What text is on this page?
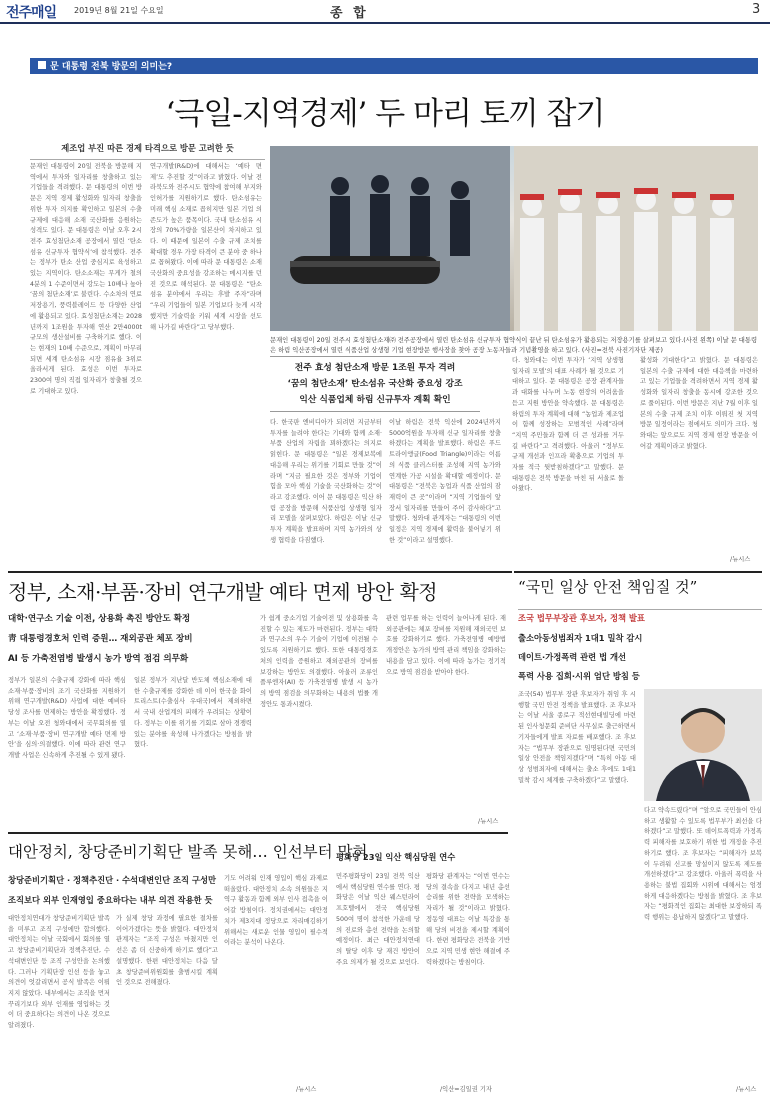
전주매일 2019년 8월 21일 수요일	종 합	3
문 대통령 전북 방문의 의미는?
‘극일-지역경제’ 두 마리 토끼 잡기
제조업 부진 따른 경제 타격으로 방문 고려한 듯
문재인 대통령이 20일 전북을 방문해 지역에서 투자와 일자리를 창출하고 있는 기업들을 격려했다. 문 대통령의 이번 방문은 지역 경제 활성화와 일자리 창출을 위한 투자 의지를 확인하고 일본의 수출 규제에 대응해 소재 국산화를 응원하는 성격도 있다. 문 대통령은 이날 오후 2시 전주 효성첨단소재 공장에서 열린 ‘탄소섬유 신규투자 협약식’에 참석했다. 전주는 정부가 탄소 산업 중심지로 육성하고 있는 지역이다. 탄소소재는 무게가 철의 4분의 1 수준이면서 강도는 10배나 높아 ‘꿈의 첨단소재’로 불린다. 수소차의 연료 저장용기, 풍력블레이드 등 다양한 산업에 활용되고 있다. 효성첨단소재는 2028년까지 1조원을 투자해 연산 2만4000t 규모의 생산설비를 구축하기로 했다. 이는 현재의 10배 수준으로, 계획이 마무리되면 세계 탄소섬유 시장 점유율 3위로 올라서게 된다. 효성은 이번 투자로 2300여 명의 직접 일자리가 창출될 것으로 기대하고 있다.
연구개발(R&D)에 대해서는 ‘예타 면제’도 추진할 것”이라고 밝혔다. 이날 전라북도와 전주시도 협약에 참여해 부지와 인허가를 지원하기로 했다. 탄소섬유는 미래 핵심 소재로 꼽히지만 일본 기업 의존도가 높은 품목이다. 국내 탄소섬유 시장의 70%가량을 일본산이 차지하고 있다. 이 때문에 일본이 수출 규제 조치를 확대할 경우 가장 타격이 큰 분야 중 하나로 꼽혀왔다. 이에 따라 문 대통령은 소재 국산화의 중요성을 강조하는 메시지를 던진 것으로 해석된다. 문 대통령은 “탄소섬유 분야에서 우리는 후발 주자”라며 “우리 기업들이 일본 기업보다 늦게 시작했지만 기술력을 키워 세계 시장을 선도해 나가길 바란다”고 당부했다.
문재인 대통령이 20일 전주시 효성첨단소재㈜ 전주공장에서 열린 탄소섬유 신규투자 협약식이 끝난 뒤 탄소섬유가 활용되는 저장용기를 살펴보고 있다.(사진 왼쪽) 이날 문 대통령은 하림 익산공장에서 열린 식품산업 상생형 기업 현장방문 행사장을 찾아 공장 노동자들과 기념촬영을 하고 있다. (사진=전북 사진기자단 제공)
전주 효성 첨단소재 방문 1조원 투자 격려
‘꿈의 첨단소재’ 탄소섬유 국산화 중요성 강조
익산 식품업체 하림 신규투자 계획 확인
다. 한국판 엔비디아가 되려면 지금부터 투자를 늘려야 한다는 기대와 함께 소재·부품 산업의 자립을 꾀하겠다는 의지로 읽힌다. 문 대통령은 “일본 경제보복에 대응해 우리는 위기를 기회로 만들 것”이라며 “지금 필요한 것은 정부와 기업이 힘을 모아 핵심 기술을 국산화하는 것”이라고 강조했다. 이어 문 대통령은 익산 하림 공장을 방문해 식품산업 상생형 일자리 모델을 살펴보았다. 하림은 이날 신규 투자 계획을 발표하며 지역 농가와의 상생 협력을 다짐했다.
이날 하림은 전북 익산에 2024년까지 5000억원을 투자해 신규 일자리를 창출하겠다는 계획을 발표했다. 하림은 푸드 트라이앵글(Food Triangle)이라는 이름의 식품 클러스터를 조성해 지역 농가와 연계한 가공 시설을 확대할 예정이다. 문 대통령은 “전북은 농업과 식품 산업의 잠재력이 큰 곳”이라며 “지역 기업들이 앞장서 일자리를 만들어 주어 감사하다”고 말했다. 청와대 관계자는 “대통령의 이번 일정은 지역 경제에 활력을 불어넣기 위한 것”이라고 설명했다.
다. 청와대는 이번 투자가 ‘지역 상생형 일자리 모델’의 대표 사례가 될 것으로 기대하고 있다. 문 대통령은 공장 관계자들과 대화를 나누며 노동 현장의 어려움을 듣고 지원 방안을 약속했다. 문 대통령은 하림의 투자 계획에 대해 “농업과 제조업이 함께 성장하는 모범적인 사례”라며 “지역 주민들과 함께 더 큰 성과를 거두길 바란다”고 격려했다. 아울러 “정부도 규제 개선과 인프라 확충으로 기업의 투자를 적극 뒷받침하겠다”고 말했다. 문 대통령은 전북 방문을 마친 뒤 서울로 돌아왔다.
활성화 기대한다”고 밝혔다. 문 대통령은 일본의 수출 규제에 대한 대응책을 마련하고 있는 기업들을 격려하면서 지역 경제 활성화와 일자리 창출을 동시에 강조한 것으로 풀이된다. 이번 방문은 지난 7월 이후 일본의 수출 규제 조치 이후 이뤄진 첫 지역 방문 일정이라는 점에서도 의미가 크다. 청와대는 앞으로도 지역 경제 현장 방문을 이어갈 계획이라고 밝혔다.
/뉴시스
정부, 소재·부품·장비 연구개발 예타 면제 방안 확정
대학·연구소 기술 이전, 상용화 촉진 방안도 확정
靑 대통령경호처 인력 증원… 재외공관 체포 장비
AI 등 가축전염병 발생시 농가 방역 점검 의무화
정부가 일본의 수출규제 강화에 따라 핵심 소재·부품·장비의 조기 국산화를 지원하기 위해 연구개발(R&D) 사업에 대한 예비타당성 조사를 면제하는 방안을 확정했다. 정부는 이날 오전 청와대에서 국무회의를 열고 ‘소재·부품·장비 연구개발 예타 면제 방안’을 심의·의결했다. 이에 따라 관련 연구개발 사업은 신속하게 추진될 수 있게 됐다.
일본 정부가 지난달 반도체 핵심소재에 대한 수출규제를 강화한 데 이어 한국을 화이트리스트(수출심사 우대국)에서 제외하면서 국내 산업계의 피해가 우려되는 상황이다. 정부는 이를 위기를 기회로 삼아 경쟁력 있는 분야를 육성해 나가겠다는 방침을 밝혔다.
가 쉽게 중소기업 기술이전 및 상용화를 촉진할 수 있는 제도가 마련된다. 정부는 대학과 연구소의 우수 기술이 기업에 이전될 수 있도록 지원하기로 했다. 또한 대통령경호처의 인력을 증원하고 재외공관의 장비를 보강하는 방안도 의결했다. 아울러 조류인플루엔자(AI) 등 가축전염병 발생 시 농가의 방역 점검을 의무화하는 내용의 법률 개정안도 통과시켰다.
관련 업무를 하는 인력이 늘어나게 된다. 재외공관에는 체포 장비를 지원해 재외국민 보호를 강화하기로 했다. 가축전염병 예방법 개정안은 농가의 방역 관리 책임을 강화하는 내용을 담고 있다. 이에 따라 농가는 정기적으로 방역 점검을 받아야 한다.
/뉴시스
“국민 일상 안전 책임질 것”
조국 법무부장관 후보자, 정책 발표
출소아동성범죄자 1대1 밀착 감시
데이트·가정폭력 관련 법 개선
폭력 사용 집회·시위 엄단 방침 등
조국(54) 법무부 장관 후보자가 취임 후 시행할 국민 안전 정책을 발표했다. 조 후보자는 이날 서울 종로구 적선현대빌딩에 마련된 인사청문회 준비단 사무실로 출근하면서 기자들에게 발표 자료를 배포했다. 조 후보자는 “법무부 장관으로 임명된다면 국민의 일상 안전을 책임지겠다”며 “특히 아동 대상 성범죄자에 대해서는 출소 후에도 1대1 밀착 감시 체계를 구축하겠다”고 말했다.
다고 약속드렸다”며 “앞으로 국민들이 안심하고 생활할 수 있도록 법무부가 최선을 다하겠다”고 말했다. 또 데이트폭력과 가정폭력 피해자를 보호하기 위한 법 개정을 추진하기로 했다. 조 후보자는 “피해자가 보복이 두려워 신고를 망설이지 않도록 제도를 개선하겠다”고 강조했다. 아울러 폭력을 사용하는 불법 집회와 시위에 대해서는 엄정하게 대응하겠다는 방침을 밝혔다. 조 후보자는 “평화적인 집회는 최대한 보장하되 폭력 행위는 용납하지 않겠다”고 말했다.
/뉴시스
대안정치, 창당준비기획단 발족 못해… 인선부터 막혀
창당준비기획단 · 정책추진단 · 수석대변인단 조직 구성만
조직보다 외부 인재영입 중요하다는 내부 의견 작용한 듯
대안정치연대가 창당준비기획단 발족을 미루고 조직 구성에만 합의했다. 대안정치는 이날 국회에서 회의를 열고 창당준비기획단과 정책추진단, 수석대변인단 등 조직 구성안을 논의했다. 그러나 기획단장 인선 등을 놓고 의견이 엇갈리면서 공식 발족은 이뤄지지 않았다. 내부에서는 조직을 먼저 꾸리기보다 외부 인재를 영입하는 것이 더 중요하다는 의견이 나온 것으로 알려졌다.
가 실제 창당 과정에 필요한 절차를 이어가겠다는 뜻을 밝혔다. 대안정치 관계자는 “조직 구성은 마쳤지만 인선은 좀 더 신중하게 하기로 했다”고 설명했다. 한편 대안정치는 다음 달 초 창당준비위원회를 출범시킬 계획인 것으로 전해졌다.
기도 어려워 인재 영입이 핵심 과제로 떠올랐다. 대안정치 소속 의원들은 지역구 활동과 함께 외부 인사 접촉을 이어갈 방침이다. 정치권에서는 대안정치가 제3지대 정당으로 자리매김하기 위해서는 새로운 인물 영입이 필수적이라는 분석이 나온다.
/뉴시스
평화당 23일 익산 핵심당원 연수
민주평화당이 23일 전북 익산에서 핵심당원 연수를 연다. 평화당은 이날 익산 웨스턴라이프호텔에서 전국 핵심당원 500여 명이 참석한 가운데 당의 진로와 총선 전략을 논의할 예정이다. 최근 대안정치연대의 탈당 이후 당 재건 방안이 주요 의제가 될 것으로 보인다.
평화당 관계자는 “이번 연수는 당의 결속을 다지고 내년 총선 승리를 위한 전략을 모색하는 자리가 될 것”이라고 밝혔다. 정동영 대표는 이날 특강을 통해 당의 비전을 제시할 계획이다. 한편 평화당은 전북을 기반으로 지역 민생 현안 해결에 주력하겠다는 방침이다.
/익산=김일권 기자
